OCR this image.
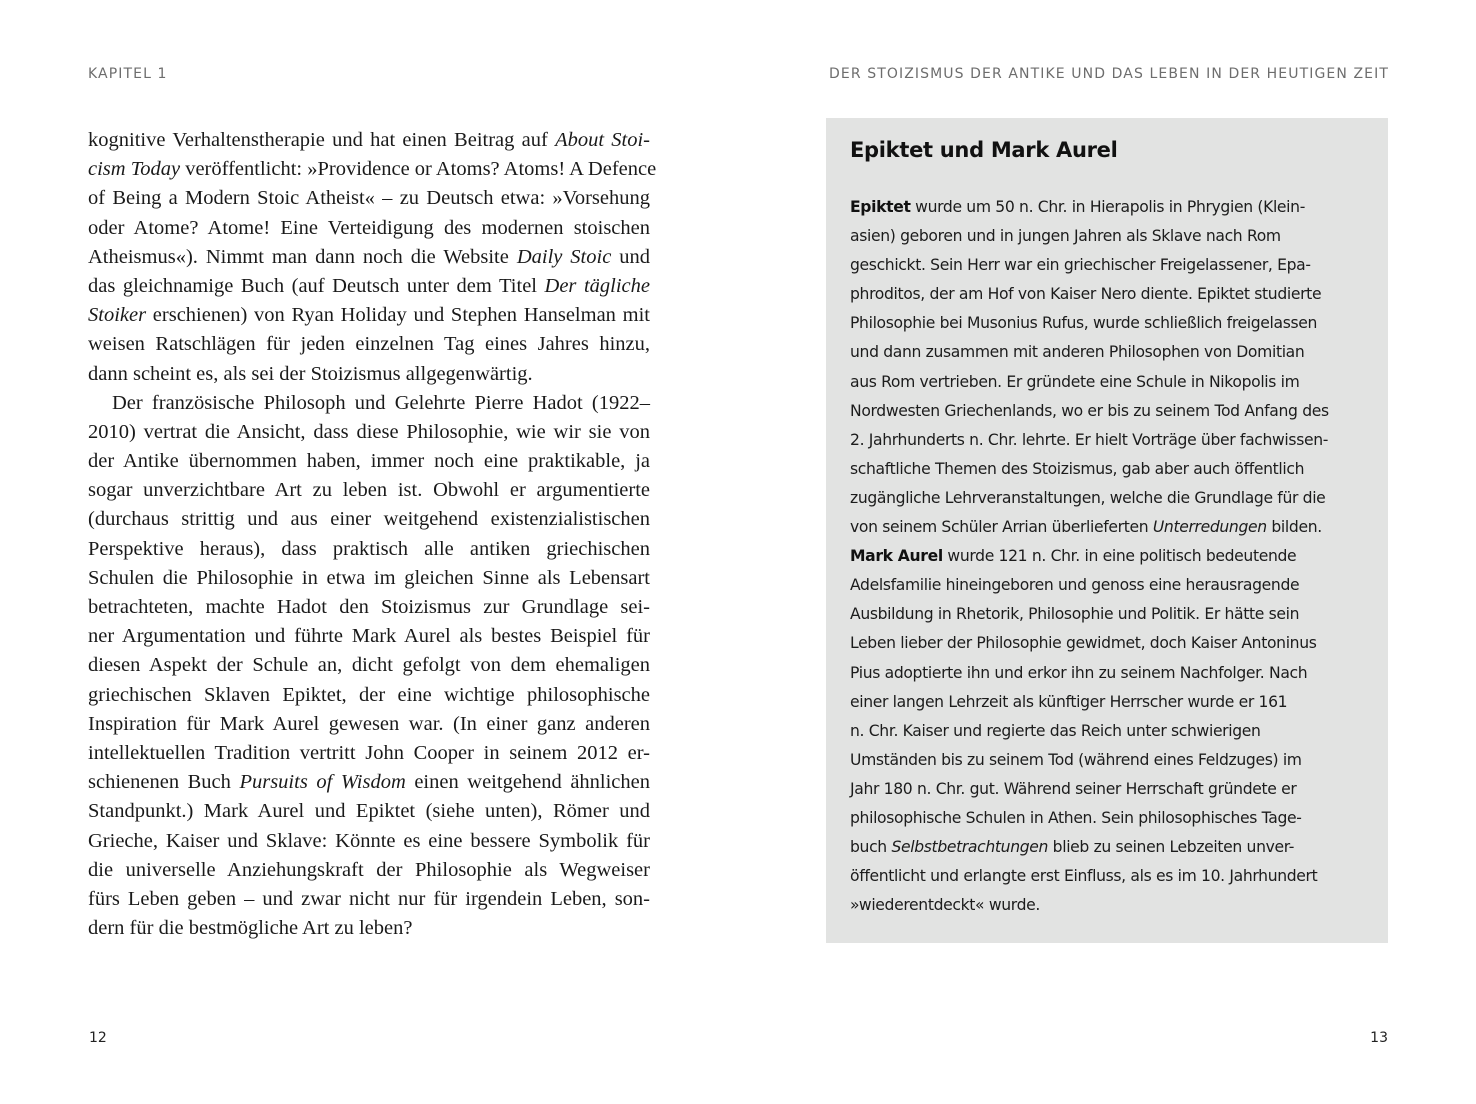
KAPITEL 1
kognitive Verhaltenstherapie und hat einen Beitrag auf About Stoi-
cism Today veröffentlicht: »Providence or Atoms? Atoms! A Defence
of Being a Modern Stoic Atheist« – zu Deutsch etwa: »Vorsehung
oder Atome? Atome! Eine Verteidigung des modernen stoischen
Atheismus«). Nimmt man dann noch die Website Daily Stoic und
das gleichnamige Buch (auf Deutsch unter dem Titel Der tägliche
Stoiker erschienen) von Ryan Holiday und Stephen Hanselman mit
weisen Ratschlägen für jeden einzelnen Tag eines Jahres hinzu,
dann scheint es, als sei der Stoizismus allgegenwärtig.
Der französische Philosoph und Gelehrte Pierre Hadot (1922–
2010) vertrat die Ansicht, dass diese Philosophie, wie wir sie von
der Antike übernommen haben, immer noch eine praktikable, ja
sogar unverzichtbare Art zu leben ist. Obwohl er argumentierte
(durchaus strittig und aus einer weitgehend existenzialistischen
Perspektive heraus), dass praktisch alle antiken griechischen
Schulen die Philosophie in etwa im gleichen Sinne als Lebensart
betrachteten, machte Hadot den Stoizismus zur Grundlage sei-
ner Argumentation und führte Mark Aurel als bestes Beispiel für
diesen Aspekt der Schule an, dicht gefolgt von dem ehemaligen
griechischen Sklaven Epiktet, der eine wichtige philosophische
Inspiration für Mark Aurel gewesen war. (In einer ganz anderen
intellektuellen Tradition vertritt John Cooper in seinem 2012 er-
schienenen Buch Pursuits of Wisdom einen weitgehend ähnlichen
Standpunkt.) Mark Aurel und Epiktet (siehe unten), Römer und
Grieche, Kaiser und Sklave: Könnte es eine bessere Symbolik für
die universelle Anziehungskraft der Philosophie als Wegweiser
fürs Leben geben – und zwar nicht nur für irgendein Leben, son-
dern für die bestmögliche Art zu leben?
12
DER STOIZISMUS DER ANTIKE UND DAS LEBEN IN DER HEUTIGEN ZEIT
Epiktet und Mark Aurel
Epiktet wurde um 50 n. Chr. in Hierapolis in Phrygien (Klein-
asien) geboren und in jungen Jahren als Sklave nach Rom
geschickt. Sein Herr war ein griechischer Freigelassener, Epa-
phroditos, der am Hof von Kaiser Nero diente. Epiktet studierte
Philosophie bei Musonius Rufus, wurde schließlich freigelassen
und dann zusammen mit anderen Philosophen von Domitian
aus Rom vertrieben. Er gründete eine Schule in Nikopolis im
Nordwesten Griechenlands, wo er bis zu seinem Tod Anfang des
2. Jahrhunderts n. Chr. lehrte. Er hielt Vorträge über fachwissen-
schaftliche Themen des Stoizismus, gab aber auch öffentlich
zugängliche Lehrveranstaltungen, welche die Grundlage für die
von seinem Schüler Arrian überlieferten Unterredungen bilden.
Mark Aurel wurde 121 n. Chr. in eine politisch bedeutende
Adelsfamilie hineingeboren und genoss eine herausragende
Ausbildung in Rhetorik, Philosophie und Politik. Er hätte sein
Leben lieber der Philosophie gewidmet, doch Kaiser Antoninus
Pius adoptierte ihn und erkor ihn zu seinem Nachfolger. Nach
einer langen Lehrzeit als künftiger Herrscher wurde er 161
n. Chr. Kaiser und regierte das Reich unter schwierigen
Umständen bis zu seinem Tod (während eines Feldzuges) im
Jahr 180 n. Chr. gut. Während seiner Herrschaft gründete er
philosophische Schulen in Athen. Sein philosophisches Tage-
buch Selbstbetrachtungen blieb zu seinen Lebzeiten unver-
öffentlicht und erlangte erst Einfluss, als es im 10. Jahrhundert
»wiederentdeckt« wurde.
13
